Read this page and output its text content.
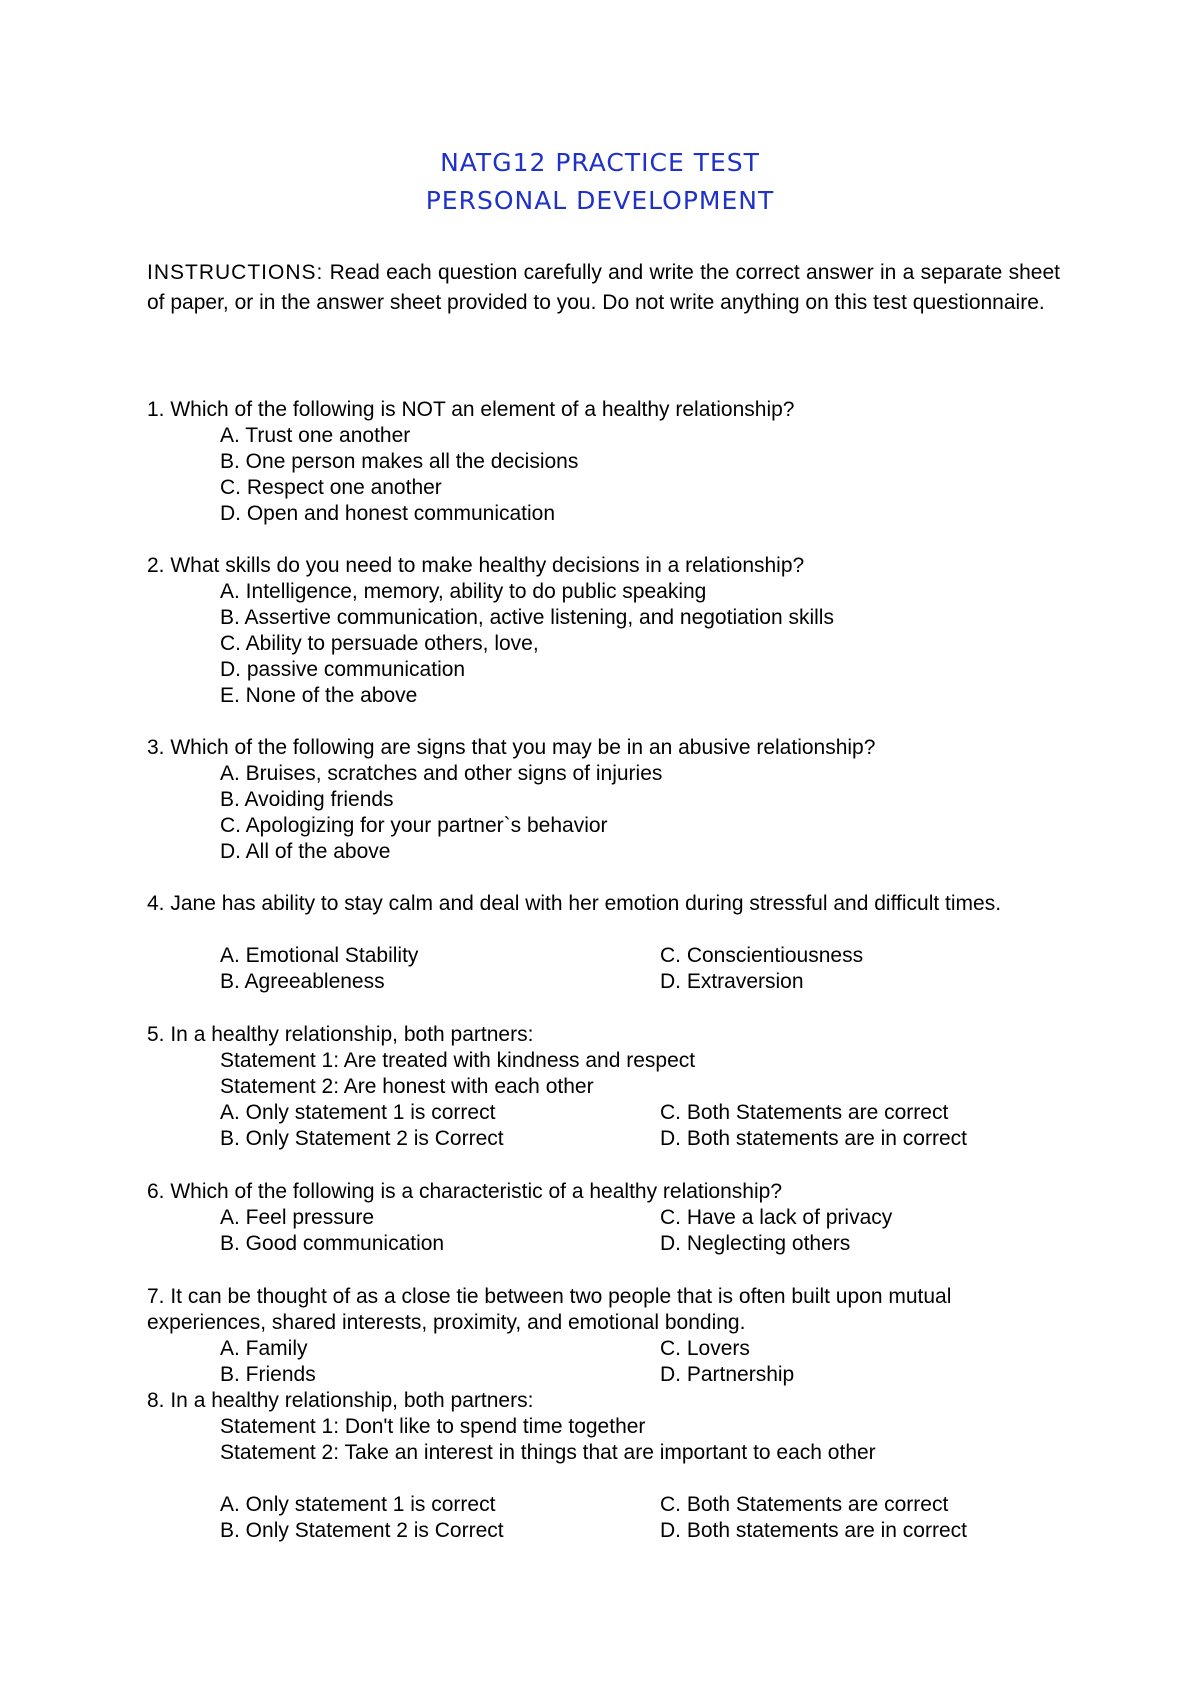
NATG12 PRACTICE TEST
PERSONAL DEVELOPMENT
INSTRUCTIONS: Read each question carefully and write the correct answer in a separate sheet of paper, or in the answer sheet provided to you. Do not write anything on this test questionnaire.
1. Which of the following is NOT an element of a healthy relationship?
A. Trust one another
B. One person makes all the decisions
C. Respect one another
D. Open and honest communication
2. What skills do you need to make healthy decisions in a relationship?
A. Intelligence, memory, ability to do public speaking
B. Assertive communication, active listening, and negotiation skills
C. Ability to persuade others, love,
D. passive communication
E. None of the above
3. Which of the following are signs that you may be in an abusive relationship?
A. Bruises, scratches and other signs of injuries
B. Avoiding friends
C. Apologizing for your partner`s behavior
D. All of the above
4. Jane has ability to stay calm and deal with her emotion during stressful and difficult times.
A. Emotional Stability	C. Conscientiousness
B. Agreeableness	D. Extraversion
5. In a healthy relationship, both partners:
Statement 1: Are treated with kindness and respect
Statement 2: Are honest with each other
A. Only statement 1 is correct	C. Both Statements are correct
B. Only Statement 2 is Correct	D. Both statements are in correct
6. Which of the following is a characteristic of a healthy relationship?
A. Feel pressure	C. Have a lack of privacy
B. Good communication	D. Neglecting others
7. It can be thought of as a close tie between two people that is often built upon mutual experiences, shared interests, proximity, and emotional bonding.
A. Family	C. Lovers
B. Friends	D. Partnership
8. In a healthy relationship, both partners:
Statement 1: Don't like to spend time together
Statement 2: Take an interest in things that are important to each other
A. Only statement 1 is correct	C. Both Statements are correct
B. Only Statement 2 is Correct	D. Both statements are in correct
